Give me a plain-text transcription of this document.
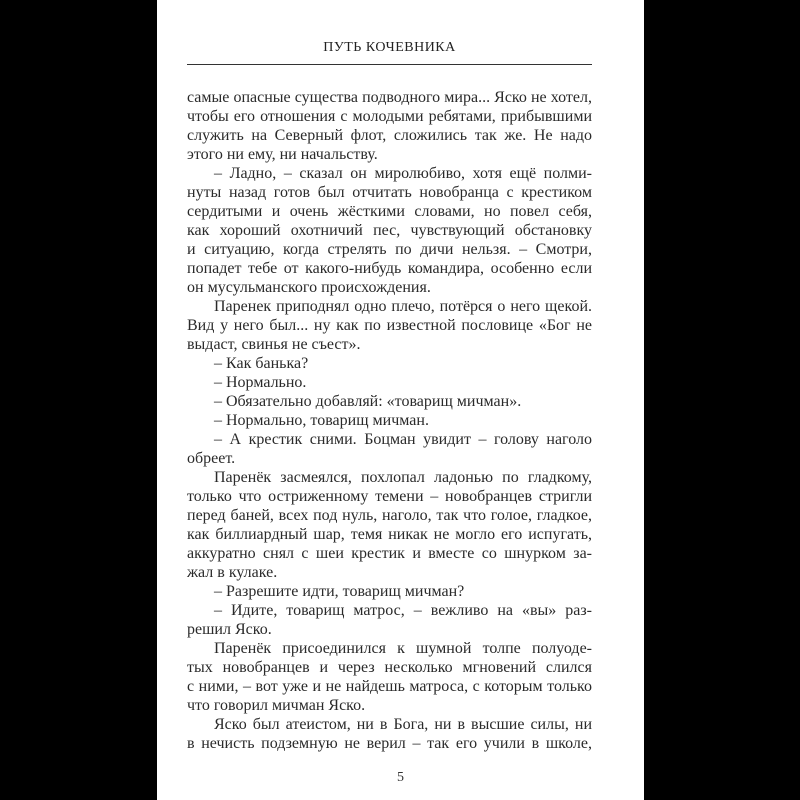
ПУТЬ КОЧЕВНИКА
самые опасные существа подводного мира... Яско не хотел,
чтобы его отношения с молодыми ребятами, прибывшими
служить на Северный флот, сложились так же. Не надо
этого ни ему, ни начальству.
– Ладно, – сказал он миролюбиво, хотя ещё полми-
нуты назад готов был отчитать новобранца с крестиком
сердитыми и очень жёсткими словами, но повел себя,
как хороший охотничий пес, чувствующий обстановку
и ситуацию, когда стрелять по дичи нельзя. – Смотри,
попадет тебе от какого-нибудь командира, особенно если
он мусульманского происхождения.
Паренек приподнял одно плечо, потёрся о него щекой.
Вид у него был... ну как по известной пословице «Бог не
выдаст, свинья не съест».
– Как банька?
– Нормально.
– Обязательно добавляй: «товарищ мичман».
– Нормально, товарищ мичман.
– А крестик сними. Боцман увидит – голову наголо
обреет.
Паренёк засмеялся, похлопал ладонью по гладкому,
только что остриженному темени – новобранцев стригли
перед баней, всех под нуль, наголо, так что голое, гладкое,
как биллиардный шар, темя никак не могло его испугать,
аккуратно снял с шеи крестик и вместе со шнурком за-
жал в кулаке.
– Разрешите идти, товарищ мичман?
– Идите, товарищ матрос, – вежливо на «вы» раз-
решил Яско.
Паренёк присоединился к шумной толпе полуоде-
тых новобранцев и через несколько мгновений слился
с ними, – вот уже и не найдешь матроса, с которым только
что говорил мичман Яско.
Яско был атеистом, ни в Бога, ни в высшие силы, ни
в нечисть подземную не верил – так его учили в школе,
5
